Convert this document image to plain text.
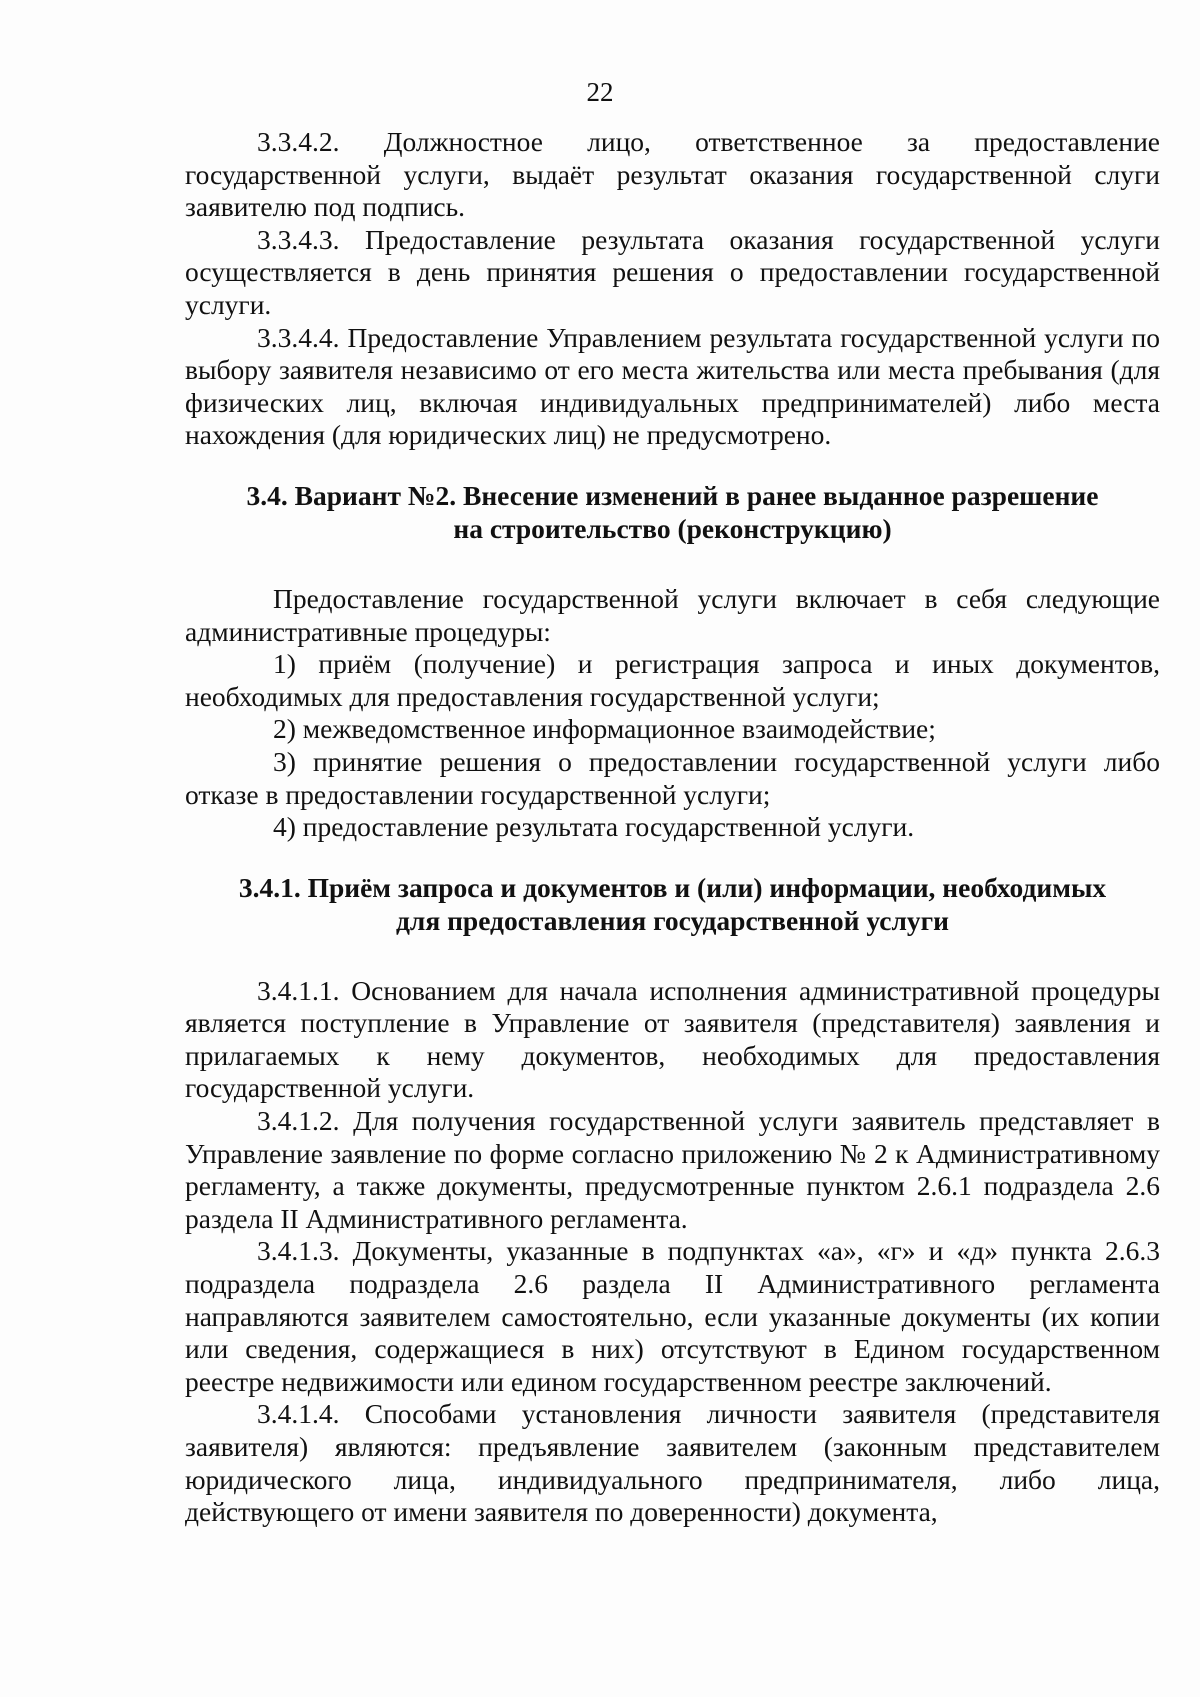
22

3.3.4.2. Должностное лицо, ответственное за предоставление государственной услуги, выдаёт результат оказания государственной слуги заявителю под подпись.

3.3.4.3. Предоставление результата оказания государственной услуги осуществляется в день принятия решения о предоставлении государственной услуги.

3.3.4.4. Предоставление Управлением результата государственной услуги по выбору заявителя независимо от его места жительства или места пребывания (для физических лиц, включая индивидуальных предпринимателей) либо места нахождения (для юридических лиц) не предусмотрено.

3.4. Вариант №2. Внесение изменений в ранее выданное разрешение

на строительство (реконструкцию)

Предоставление государственной услуги включает в себя следующие административные процедуры:

1) приём (получение) и регистрация запроса и иных документов, необходимых для предоставления государственной услуги;

2) межведомственное информационное взаимодействие;

3) принятие решения о предоставлении государственной услуги либо отказе в предоставлении государственной услуги;

4) предоставление результата государственной услуги.

3.4.1. Приём запроса и документов и (или) информации, необходимых

для предоставления государственной услуги

3.4.1.1. Основанием для начала исполнения административной процедуры является поступление в Управление от заявителя (представителя) заявления и прилагаемых к нему документов, необходимых для предоставления государственной услуги.

3.4.1.2. Для получения государственной услуги заявитель представляет в Управление заявление по форме согласно приложению № 2 к Административному регламенту, а также документы, предусмотренные пунктом 2.6.1 подраздела 2.6 раздела II Административного регламента.

3.4.1.3. Документы, указанные в подпунктах «а», «г» и «д» пункта 2.6.3 подраздела подраздела 2.6 раздела II Административного регламента направляются заявителем самостоятельно, если указанные документы (их копии или сведения, содержащиеся в них) отсутствуют в Едином государственном реестре недвижимости или едином государственном реестре заключений.

3.4.1.4. Способами установления личности заявителя (представителя заявителя) являются: предъявление заявителем (законным представителем юридического лица, индивидуального предпринимателя, либо лица, действующего от имени заявителя по доверенности) документа,
